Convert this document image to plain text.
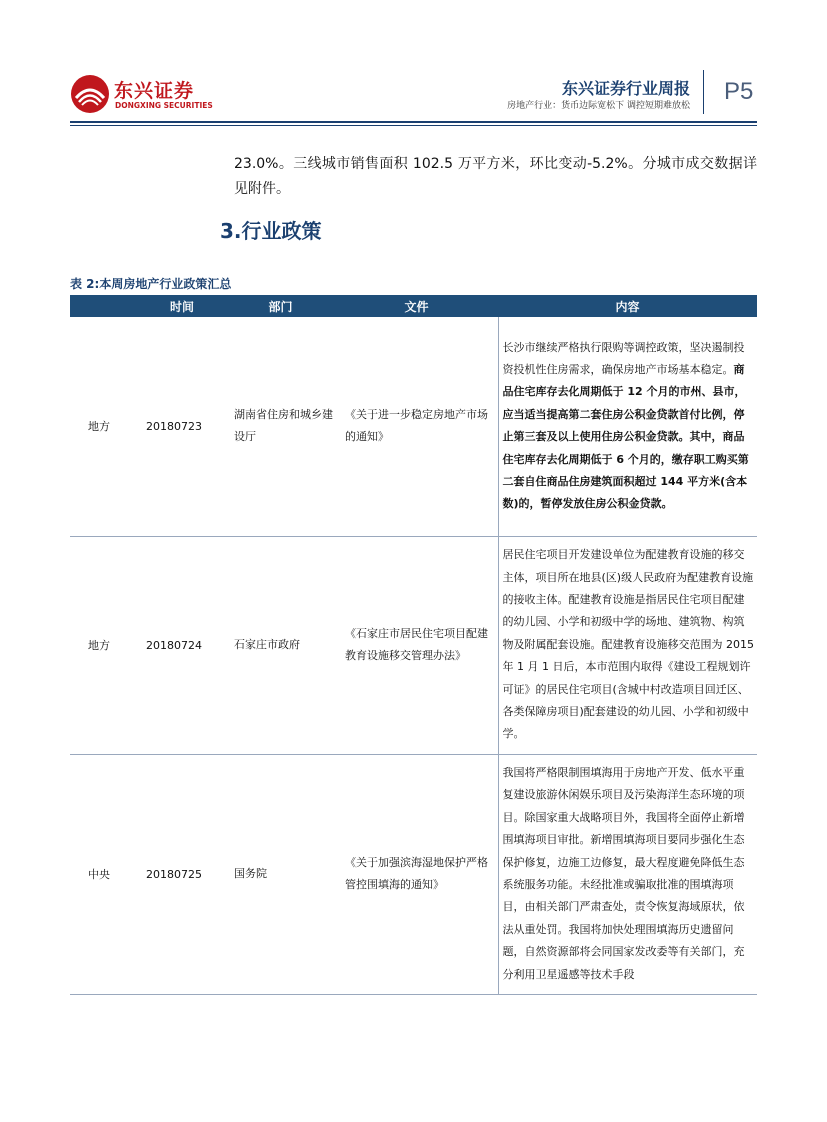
东兴证券
DONGXING SECURITIES
东兴证券行业周报
房地产行业：货币边际宽松下 调控短期难放松
P5

23.0%。三线城市销售面积 102.5 万平方米，环比变动-5.2%。分城市成交数据详见附件。

3.行业政策
表 2:本周房地产行业政策汇总
	时间	部门	文件	内容
地方	20180723	湖南省住房和城乡建设厅	《关于进一步稳定房地产市场的通知》	长沙市继续严格执行限购等调控政策，坚决遏制投资投机性住房需求，确保房地产市场基本稳定。商品住宅库存去化周期低于 12 个月的市州、县市，应当适当提高第二套住房公积金贷款首付比例，停止第三套及以上使用住房公积金贷款。其中，商品住宅库存去化周期低于 6 个月的，缴存职工购买第二套自住商品住房建筑面积超过 144 平方米(含本数)的，暂停发放住房公积金贷款。
地方	20180724	石家庄市政府	《石家庄市居民住宅项目配建教育设施移交管理办法》	居民住宅项目开发建设单位为配建教育设施的移交主体，项目所在地县(区)级人民政府为配建教育设施的接收主体。配建教育设施是指居民住宅项目配建的幼儿园、小学和初级中学的场地、建筑物、构筑物及附属配套设施。配建教育设施移交范围为 2015 年 1 月 1 日后，本市范围内取得《建设工程规划许可证》的居民住宅项目(含城中村改造项目回迁区、各类保障房项目)配套建设的幼儿园、小学和初级中学。
中央	20180725	国务院	《关于加强滨海湿地保护严格管控围填海的通知》	我国将严格限制围填海用于房地产开发、低水平重复建设旅游休闲娱乐项目及污染海洋生态环境的项目。除国家重大战略项目外，我国将全面停止新增围填海项目审批。新增围填海项目要同步强化生态保护修复，边施工边修复，最大程度避免降低生态系统服务功能。未经批准或骗取批准的围填海项目，由相关部门严肃查处，责令恢复海域原状，依法从重处罚。我国将加快处理围填海历史遗留问题，自然资源部将会同国家发改委等有关部门，充分利用卫星遥感等技术手段
